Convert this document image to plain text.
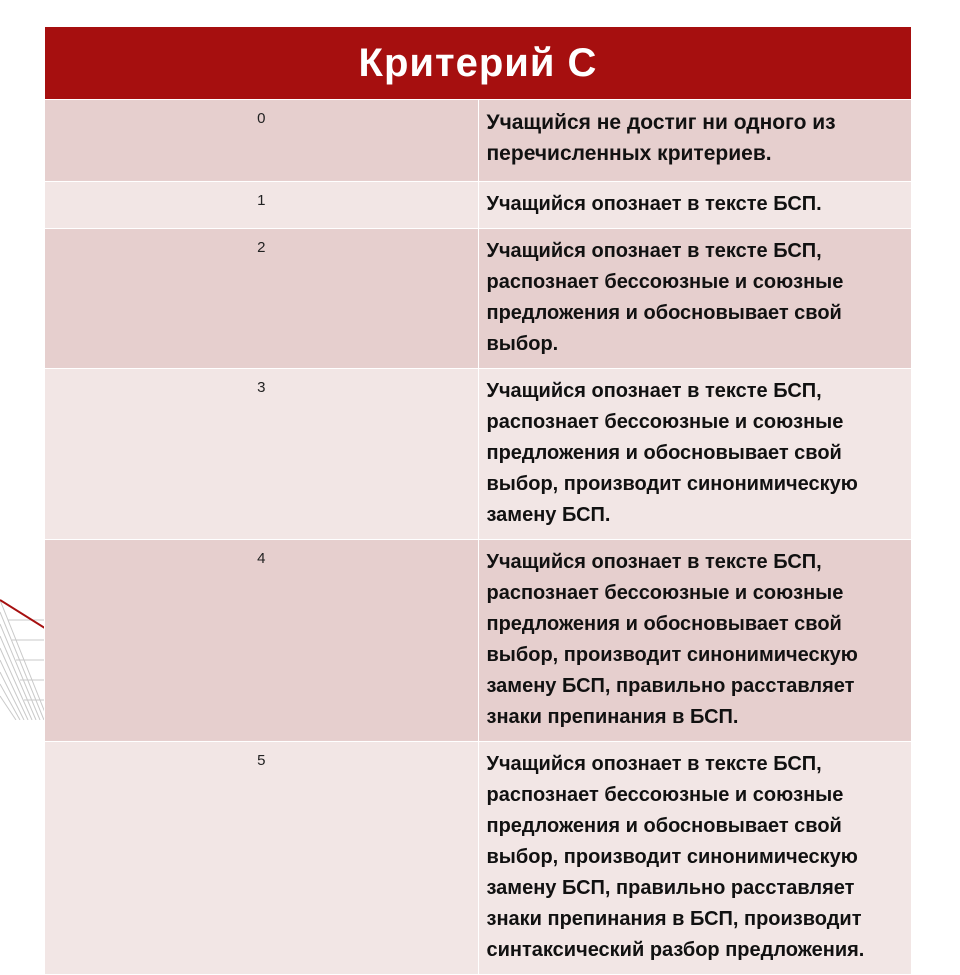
Критерий С	
0	Учащийся не достиг ни одного из перечисленных критериев.
1	Учащийся опознает в тексте БСП.
2	Учащийся опознает в тексте БСП, распознает бессоюзные и союзные предложения и обосновывает свой выбор.
3	Учащийся опознает в тексте БСП, распознает бессоюзные и союзные предложения и обосновывает свой выбор, производит синонимическую замену БСП.
4	Учащийся опознает в тексте БСП, распознает бессоюзные и союзные предложения и обосновывает свой выбор, производит синонимическую замену БСП, правильно расставляет знаки препинания в БСП.
5	Учащийся опознает в тексте БСП, распознает бессоюзные и союзные предложения и обосновывает свой выбор, производит синонимическую замену БСП, правильно расставляет знаки препинания в БСП, производит синтаксический разбор предложения.
